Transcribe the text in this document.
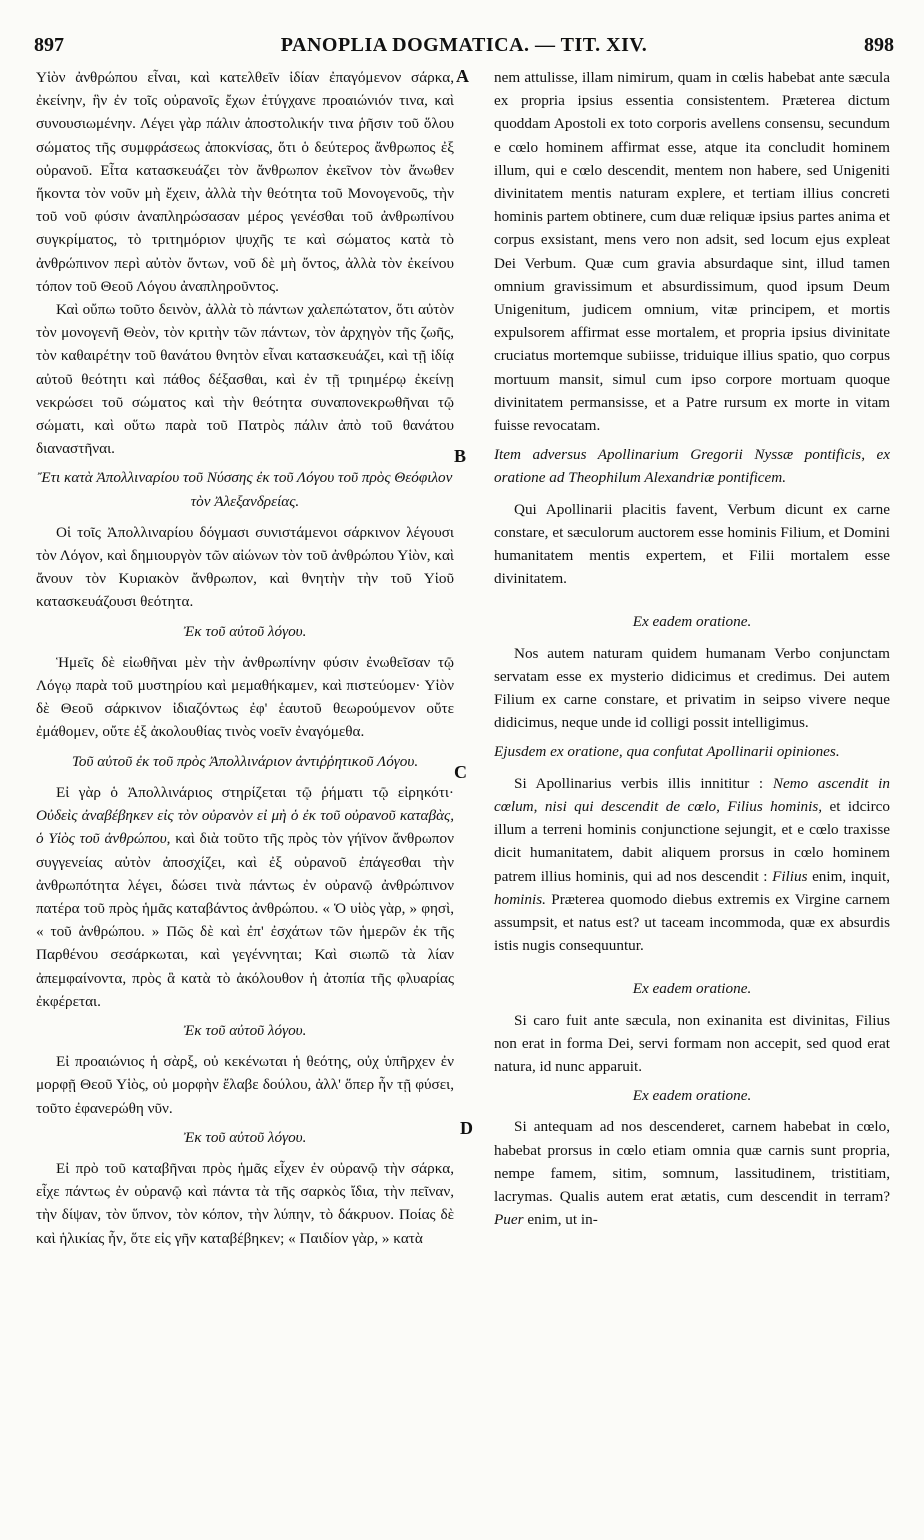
897	PANOPLIA DOGMATICA. — TIT. XIV.	898

Υἱὸν ἀνθρώπου εἶναι, καὶ κατελθεῖν ἰδίαν ἐπαγόμενον σάρκα, ἐκείνην, ἣν ἐν τοῖς οὐρανοῖς ἔχων ἐτύγχανε προαιώνιόν τινα, καὶ συνουσιωμένην. Λέγει γὰρ πάλιν ἀποστολικήν τινα ῥῆσιν τοῦ ὅλου σώματος τῆς συμφράσεως ἀποκνίσας, ὅτι ὁ δεύτερος ἄνθρωπος ἐξ οὐρανοῦ. Εἶτα κατασκευάζει τὸν ἄνθρωπον ἐκεῖνον τὸν ἄνωθεν ἥκοντα τὸν νοῦν μὴ ἔχειν, ἀλλὰ τὴν θεότητα τοῦ Μονογενοῦς, τὴν τοῦ νοῦ φύσιν ἀναπληρώσασαν μέρος γενέσθαι τοῦ ἀνθρωπίνου συγκρίματος, τὸ τριτημόριον ψυχῆς τε καὶ σώματος κατὰ τὸ ἀνθρώπινον περὶ αὐτὸν ὄντων, νοῦ δὲ μὴ ὄντος, ἀλλὰ τὸν ἐκείνου τόπον τοῦ Θεοῦ Λόγου ἀναπληροῦντος.

Καὶ οὔπω τοῦτο δεινὸν, ἀλλὰ τὸ πάντων χαλεπώτατον, ὅτι αὐτὸν τὸν μονογενῆ Θεὸν, τὸν κριτὴν τῶν πάντων, τὸν ἀρχηγὸν τῆς ζωῆς, τὸν καθαιρέτην τοῦ θανάτου θνητὸν εἶναι κατασκευάζει, καὶ τῇ ἰδίᾳ αὐτοῦ θεότητι καὶ πάθος δέξασθαι, καὶ ἐν τῇ τριημέρῳ ἐκείνῃ νεκρώσει τοῦ σώματος καὶ τὴν θεότητα συναπονεκρωθῆναι τῷ σώματι, καὶ οὕτω παρὰ τοῦ Πατρὸς πάλιν ἀπὸ τοῦ θανάτου διαναστῆναι.

Ἔτι κατὰ Ἀπολλιναρίου τοῦ Νύσσης ἐκ τοῦ Λόγου τοῦ πρὸς Θεόφιλον τὸν Ἀλεξανδρείας.

Οἱ τοῖς Ἀπολλιναρίου δόγμασι συνιστάμενοι σάρκινον λέγουσι τὸν Λόγον, καὶ δημιουργὸν τῶν αἰώνων τὸν τοῦ ἀνθρώπου Υἱὸν, καὶ ἄνουν τὸν Κυριακὸν ἄνθρωπον, καὶ θνητὴν τὴν τοῦ Υἱοῦ κατασκευάζουσι θεότητα.

Ἐκ τοῦ αὐτοῦ λόγου.

Ἡμεῖς δὲ εἰωθῆναι μὲν τὴν ἀνθρωπίνην φύσιν ἐνωθεῖσαν τῷ Λόγῳ παρὰ τοῦ μυστηρίου καὶ μεμαθήκαμεν, καὶ πιστεύομεν· Υἱὸν δὲ Θεοῦ σάρκινον ἰδιαζόντως ἐφ' ἑαυτοῦ θεωρούμενον οὔτε ἐμάθομεν, οὔτε ἐξ ἀκολουθίας τινὸς νοεῖν ἐναγόμεθα.

Τοῦ αὐτοῦ ἐκ τοῦ πρὸς Ἀπολλινάριον ἀντιῤῥητικοῦ Λόγου.

Εἰ γὰρ ὁ Ἀπολλινάριος στηρίζεται τῷ ῥήματι τῷ εἰρηκότι· Οὐδεὶς ἀναβέβηκεν εἰς τὸν οὐρανὸν εἰ μὴ ὁ ἐκ τοῦ οὐρανοῦ καταβὰς, ὁ Υἱὸς τοῦ ἀνθρώπου, καὶ διὰ τοῦτο τῆς πρὸς τὸν γήϊνον ἄνθρωπον συγγενείας αὐτὸν ἀποσχίζει, καὶ ἐξ οὐρανοῦ ἐπάγεσθαι τὴν ἀνθρωπότητα λέγει, δώσει τινὰ πάντως ἐν οὐρανῷ ἀνθρώπινον πατέρα τοῦ πρὸς ἡμᾶς καταβάντος ἀνθρώπου. « Ὁ υἱὸς γὰρ, » φησὶ, « τοῦ ἀνθρώπου. » Πῶς δὲ καὶ ἐπ' ἐσχάτων τῶν ἡμερῶν ἐκ τῆς Παρθένου σεσάρκωται, καὶ γεγέννηται; Καὶ σιωπῶ τὰ λίαν ἀπεμφαίνοντα, πρὸς ἃ κατὰ τὸ ἀκόλουθον ἡ ἀτοπία τῆς φλυαρίας ἐκφέρεται.

Ἐκ τοῦ αὐτοῦ λόγου.

Εἰ προαιώνιος ἡ σὰρξ, οὐ κεκένωται ἡ θεότης, οὐχ ὑπῆρχεν ἐν μορφῇ Θεοῦ Υἱὸς, οὐ μορφὴν ἔλαβε δούλου, ἀλλ' ὅπερ ἦν τῇ φύσει, τοῦτο ἐφανερώθη νῦν.

Ἐκ τοῦ αὐτοῦ λόγου.

Εἰ πρὸ τοῦ καταβῆναι πρὸς ἡμᾶς εἶχεν ἐν οὐρανῷ τὴν σάρκα, εἶχε πάντως ἐν οὐρανῷ καὶ πάντα τὰ τῆς σαρκὸς ἴδια, τὴν πεῖναν, τὴν δίψαν, τὸν ὕπνον, τὸν κόπον, τὴν λύπην, τὸ δάκρυον. Ποίας δὲ καὶ ἡλικίας ἦν, ὅτε εἰς γῆν καταβέβηκεν; « Παιδίον γὰρ, » κατὰ

A
B
C
D

nem attulisse, illam nimirum, quam in cœlis habebat ante sæcula ex propria ipsius essentia consistentem. Præterea dictum quoddam Apostoli ex toto corporis avellens consensu, secundum e cœlo hominem affirmat esse, atque ita concludit hominem illum, qui e cœlo descendit, mentem non habere, sed Unigeniti divinitatem mentis naturam explere, et tertiam illius concreti hominis partem obtinere, cum duæ reliquæ ipsius partes anima et corpus exsistant, mens vero non adsit, sed locum ejus expleat Dei Verbum. Quæ cum gravia absurdaque sint, illud tamen omnium gravissimum et absurdissimum, quod ipsum Deum Unigenitum, judicem omnium, vitæ principem, et mortis expulsorem affirmat esse mortalem, et propria ipsius divinitate cruciatus mortemque subiisse, triduique illius spatio, quo corpus mortuum mansit, simul cum ipso corpore mortuam quoque divinitatem permansisse, et a Patre rursum ex morte in vitam fuisse revocatam.

Item adversus Apollinarium Gregorii Nyssæ pontificis, ex oratione ad Theophilum Alexandriæ pontificem.

Qui Apollinarii placitis favent, Verbum dicunt ex carne constare, et sæculorum auctorem esse hominis Filium, et Domini humanitatem mentis expertem, et Filii mortalem esse divinitatem.

Ex eadem oratione.

Nos autem naturam quidem humanam Verbo conjunctam servatam esse ex mysterio didicimus et credimus. Dei autem Filium ex carne constare, et privatim in seipso vivere neque didicimus, neque unde id colligi possit intelligimus.

Ejusdem ex oratione, qua confutat Apollinarii opiniones.

Si Apollinarius verbis illis innititur : Nemo ascendit in cœlum, nisi qui descendit de cœlo, Filius hominis, et idcirco illum a terreni hominis conjunctione sejungit, et e cœlo traxisse dicit humanitatem, dabit aliquem prorsus in cœlo hominem patrem illius hominis, qui ad nos descendit : Filius enim, inquit, hominis. Præterea quomodo diebus extremis ex Virgine carnem assumpsit, et natus est? ut taceam incommoda, quæ ex absurdis istis nugis consequuntur.

Ex eadem oratione.

Si caro fuit ante sæcula, non exinanita est divinitas, Filius non erat in forma Dei, servi formam non accepit, sed quod erat natura, id nunc apparuit.

Ex eadem oratione.

Si antequam ad nos descenderet, carnem habebat in cœlo, habebat prorsus in cœlo etiam omnia quæ carnis sunt propria, nempe famem, sitim, somnum, lassitudinem, tristitiam, lacrymas. Qualis autem erat ætatis, cum descendit in terram? Puer enim, ut in-
